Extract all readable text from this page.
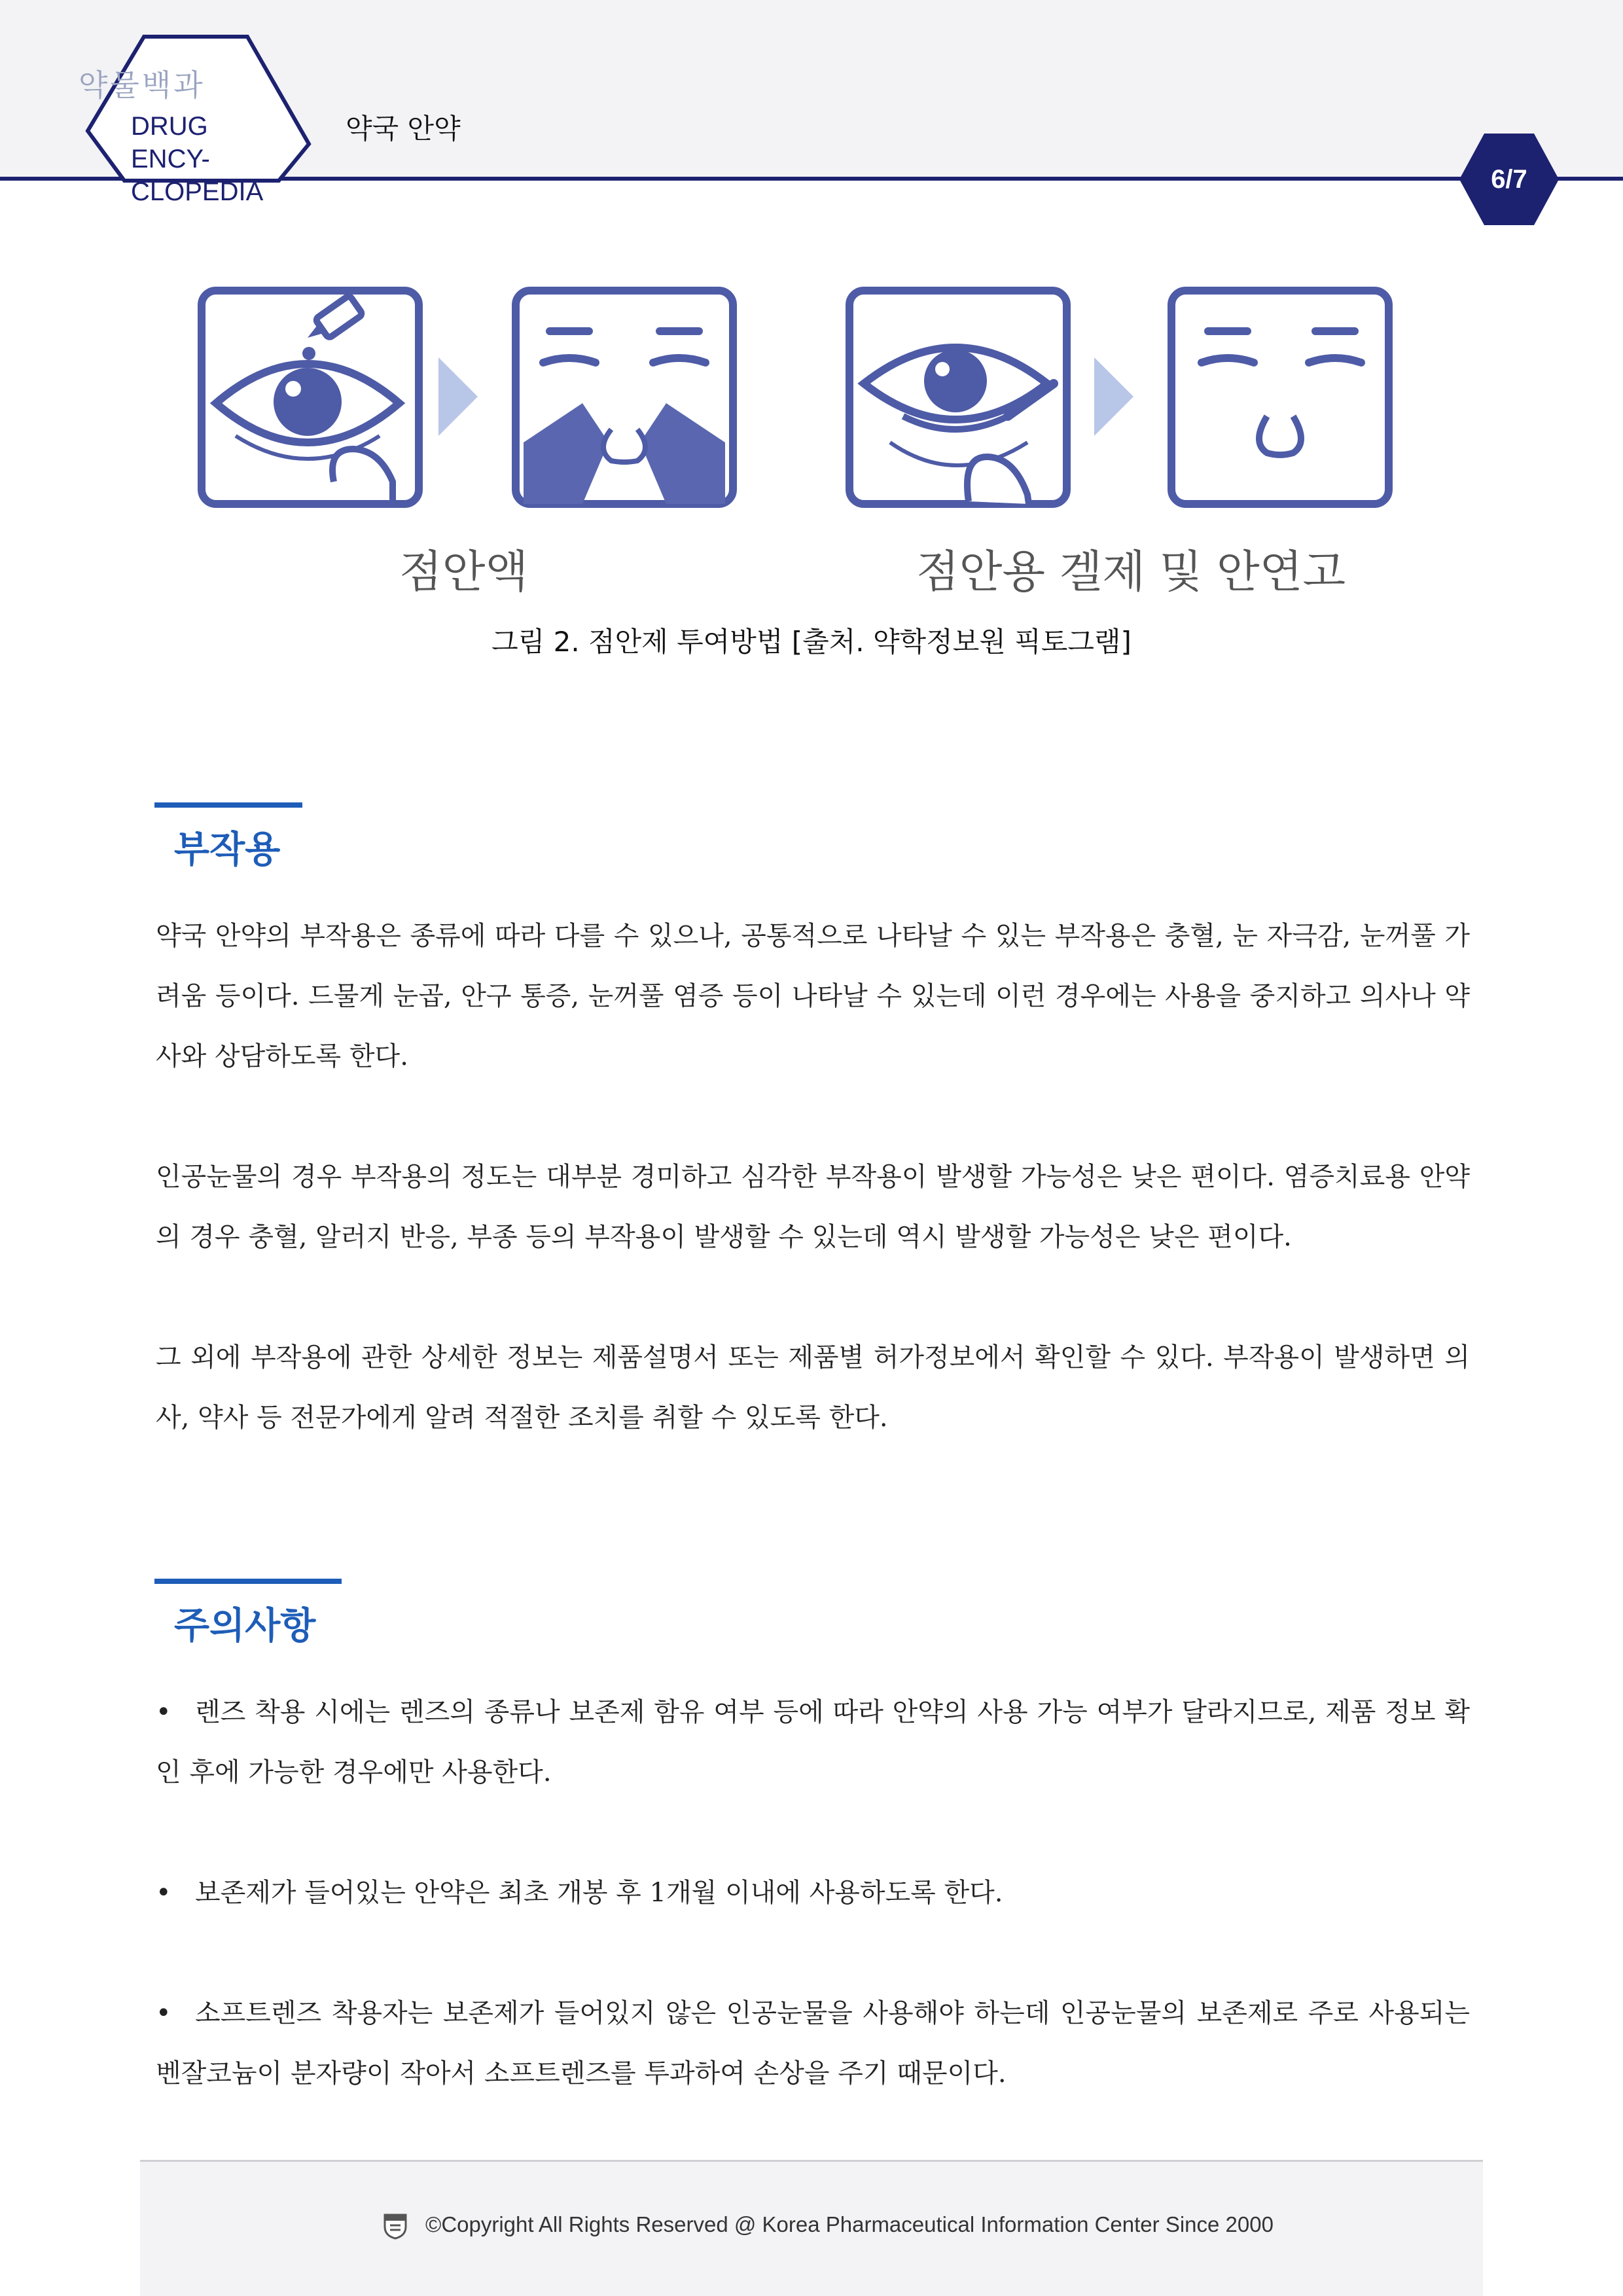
약물백과
DRUG ENCY-
CLOPEDIA
약국 안약
6/7
점안액	점안용 겔제 및 안연고
그림 2. 점안제 투여방법 [출처. 약학정보원 픽토그램]
부작용
약국 안약의 부작용은 종류에 따라 다를 수 있으나, 공통적으로 나타날 수 있는 부작용은 충혈, 눈 자극감, 눈꺼풀 가려움 등이다. 드물게 눈곱, 안구 통증, 눈꺼풀 염증 등이 나타날 수 있는데 이런 경우에는 사용을 중지하고 의사나 약사와 상담하도록 한다.
인공눈물의 경우 부작용의 정도는 대부분 경미하고 심각한 부작용이 발생할 가능성은 낮은 편이다. 염증치료용 안약의 경우 충혈, 알러지 반응, 부종 등의 부작용이 발생할 수 있는데 역시 발생할 가능성은 낮은 편이다.
그 외에 부작용에 관한 상세한 정보는 제품설명서 또는 제품별 허가정보에서 확인할 수 있다. 부작용이 발생하면 의사, 약사 등 전문가에게 알려 적절한 조치를 취할 수 있도록 한다.
주의사항
• 렌즈 착용 시에는 렌즈의 종류나 보존제 함유 여부 등에 따라 안약의 사용 가능 여부가 달라지므로, 제품 정보 확인 후에 가능한 경우에만 사용한다.
• 보존제가 들어있는 안약은 최초 개봉 후 1개월 이내에 사용하도록 한다.
• 소프트렌즈 착용자는 보존제가 들어있지 않은 인공눈물을 사용해야 하는데 인공눈물의 보존제로 주로 사용되는 벤잘코늄이 분자량이 작아서 소프트렌즈를 투과하여 손상을 주기 때문이다.
©Copyright All Rights Reserved @ Korea Pharmaceutical Information Center Since 2000
